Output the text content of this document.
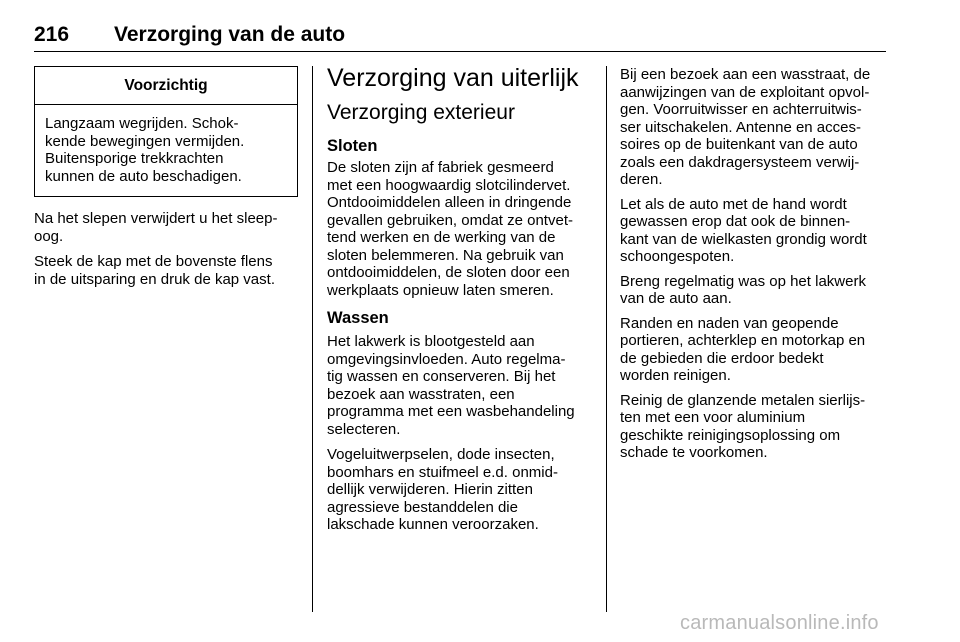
216 Verzorging van de auto
Voorzichtig
Langzaam wegrijden. Schok-
kende bewegingen vermijden.
Buitensporige trekkrachten
kunnen de auto beschadigen.

Na het slepen verwijdert u het sleep-
oog.

Steek de kap met de bovenste flens
in de uitsparing en druk de kap vast.

Verzorging van uiterlijk
Verzorging exterieur
Sloten

De sloten zijn af fabriek gesmeerd
met een hoogwaardig slotcilindervet.
Ontdooimiddelen alleen in dringende
gevallen gebruiken, omdat ze ontvet-
tend werken en de werking van de
sloten belemmeren. Na gebruik van
ontdooimiddelen, de sloten door een
werkplaats opnieuw laten smeren.

Wassen

Het lakwerk is blootgesteld aan
omgevingsinvloeden. Auto regelma-
tig wassen en conserveren. Bij het
bezoek aan wasstraten, een
programma met een wasbehandeling
selecteren.

Vogeluitwerpselen, dode insecten,
boomhars en stuifmeel e.d. onmid-
dellijk verwijderen. Hierin zitten
agressieve bestanddelen die
lakschade kunnen veroorzaken.

Bij een bezoek aan een wasstraat, de
aanwijzingen van de exploitant opvol-
gen. Voorruitwisser en achterruitwis-
ser uitschakelen. Antenne en acces-
soires op de buitenkant van de auto
zoals een dakdragersysteem verwij-
deren.

Let als de auto met de hand wordt
gewassen erop dat ook de binnen-
kant van de wielkasten grondig wordt
schoongespoten.

Breng regelmatig was op het lakwerk
van de auto aan.

Randen en naden van geopende
portieren, achterklep en motorkap en
de gebieden die erdoor bedekt
worden reinigen.

Reinig de glanzende metalen sierlijs-
ten met een voor aluminium
geschikte reinigingsoplossing om
schade te voorkomen.

carmanualsonline.info
